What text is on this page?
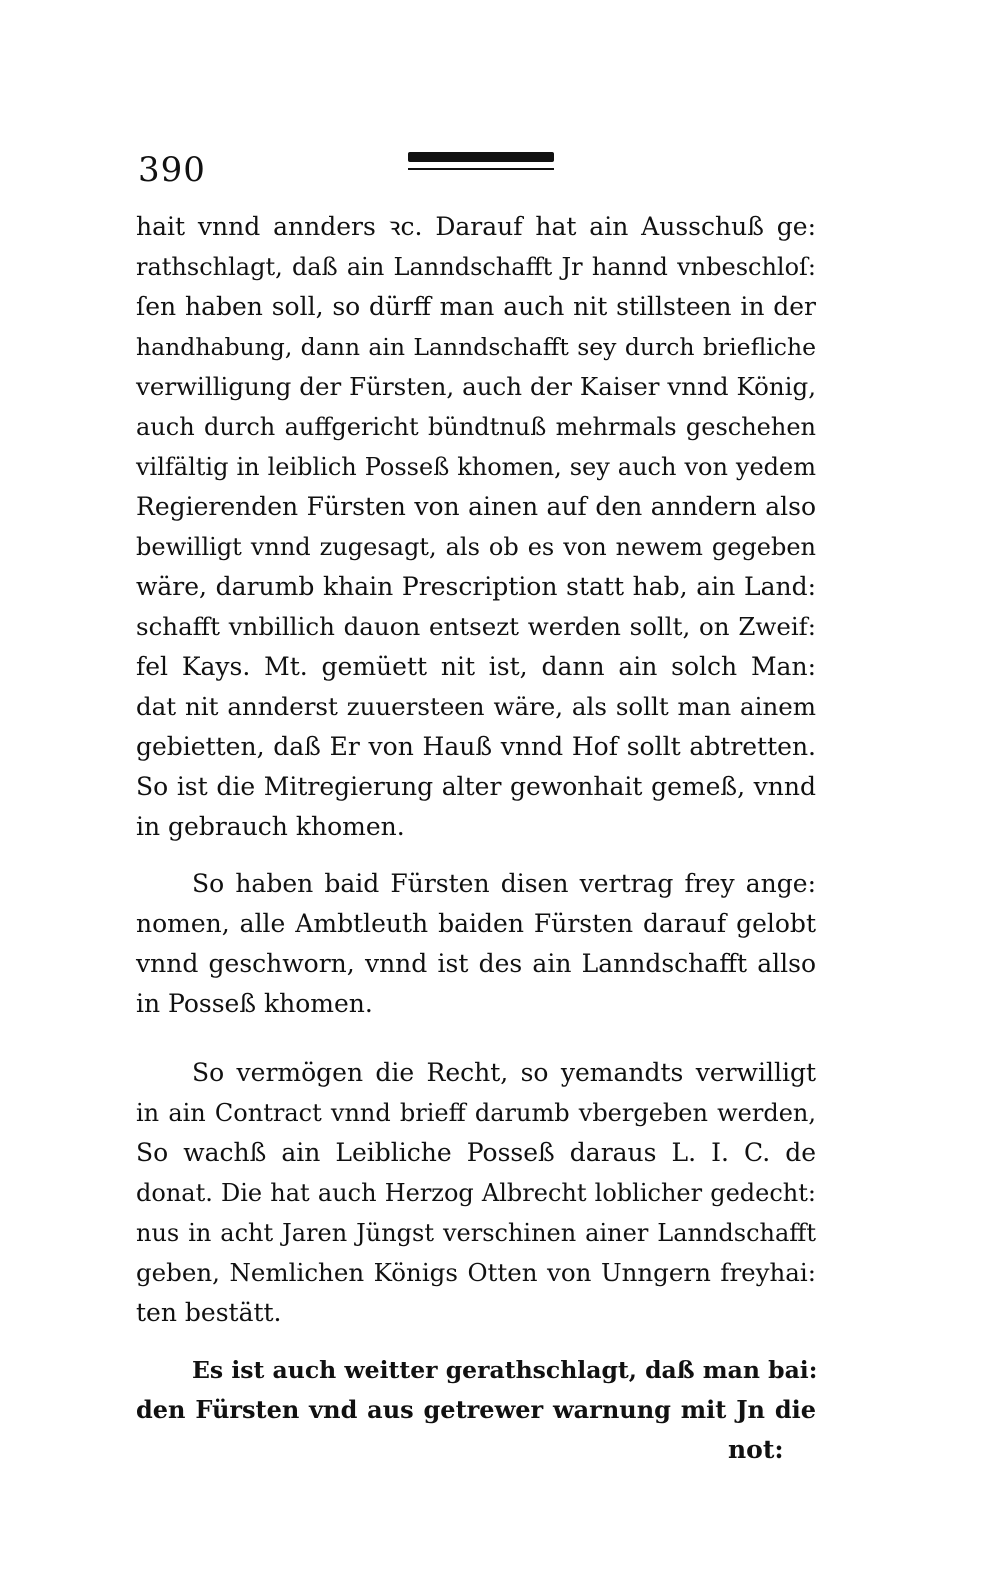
390
hait vnnd annders ꝛc. Darauf hat ain Ausschuß ge:
rathschlagt, daß ain Lanndschafft Jr hannd vnbeschloſ:
ſen haben soll, so dürff man auch nit stillsteen in der
handhabung, dann ain Lanndschafft sey durch briefliche
verwilligung der Fürsten, auch der Kaiser vnnd König,
auch durch auffgericht bündtnuß mehrmals geschehen
vilfältig in leiblich Posseß khomen, sey auch von yedem
Regierenden Fürsten von ainen auf den anndern also
bewilligt vnnd zugesagt, als ob es von newem gegeben
wäre, darumb khain Prescription statt hab, ain Land:
schafft vnbillich dauon entsezt werden sollt, on Zweif:
fel Kays. Mt. gemüett nit ist, dann ain solch Man:
dat nit annderst zuuersteen wäre, als sollt man ainem
gebietten, daß Er von Hauß vnnd Hof sollt abtretten.
So ist die Mitregierung alter gewonhait gemeß, vnnd
in gebrauch khomen.
So haben baid Fürsten disen vertrag frey ange:
nomen, alle Ambtleuth baiden Fürsten darauf gelobt
vnnd geschworn, vnnd ist des ain Lanndschafft allso
in Posseß khomen.
So vermögen die Recht, so yemandts verwilligt
in ain Contract vnnd brieff darumb vbergeben werden,
So wachß ain Leibliche Posseß daraus L. I. C. de
donat. Die hat auch Herzog Albrecht loblicher gedecht:
nus in acht Jaren Jüngst verschinen ainer Lanndschafft
geben, Nemlichen Königs Otten von Unngern freyhai:
ten bestätt.
Es ist auch weitter gerathschlagt, daß man bai:
den Fürsten vnd aus getrewer warnung mit Jn die
not:
